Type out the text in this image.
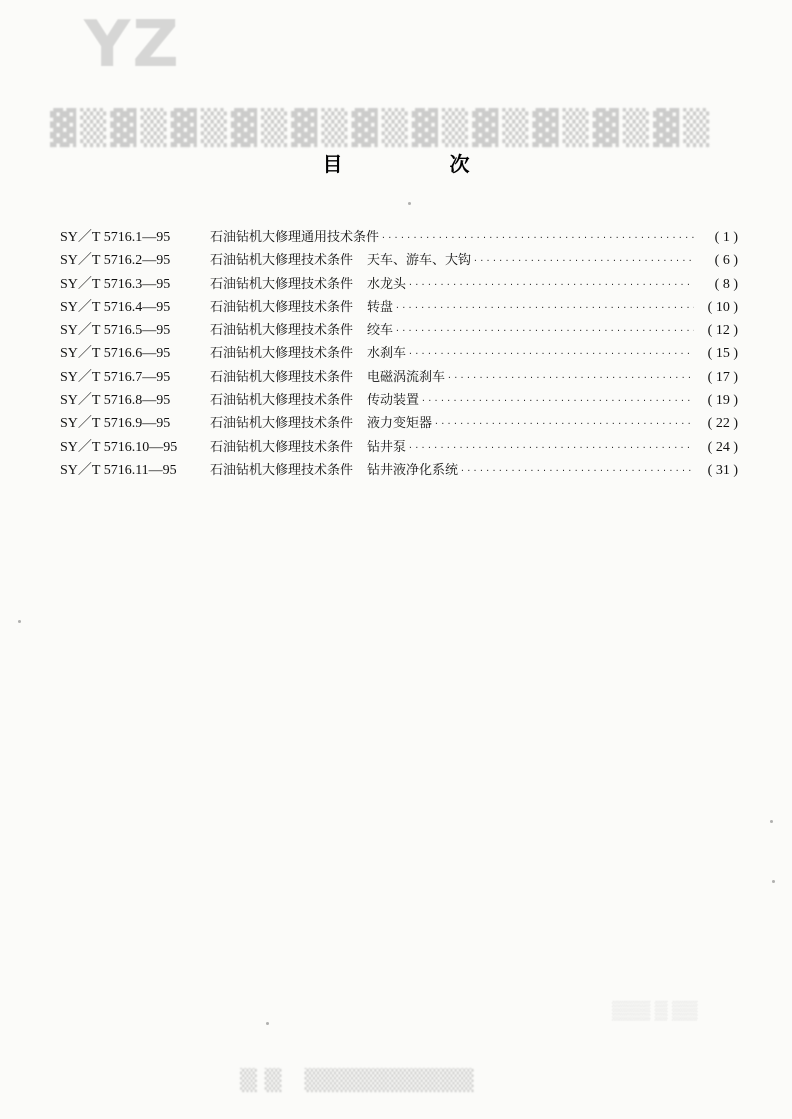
YZ
▓▒▓▒▓▒▓▒▓▒▓▒▓▒▓▒▓▒▓▒▓▒
目 次
SY／T 5716.1—95	石油钻机大修理通用技术条件 .....	( 1 )
SY／T 5716.2—95	石油钻机大修理技术条件 天车、游车、大钩 .....	( 6 )
SY／T 5716.3—95	石油钻机大修理技术条件 水龙头 .....	( 8 )
SY／T 5716.4—95	石油钻机大修理技术条件 转盘 .....	( 10 )
SY／T 5716.5—95	石油钻机大修理技术条件 绞车 .....	( 12 )
SY／T 5716.6—95	石油钻机大修理技术条件 水刹车 .....	( 15 )
SY／T 5716.7—95	石油钻机大修理技术条件 电磁涡流刹车 .....	( 17 )
SY／T 5716.8—95	石油钻机大修理技术条件 传动装置 .....	( 19 )
SY／T 5716.9—95	石油钻机大修理技术条件 液力变矩器 .....	( 22 )
SY／T 5716.10—95	石油钻机大修理技术条件 钻井泵 .....	( 24 )
SY／T 5716.11—95	石油钻机大修理技术条件 钻井液净化系统 .....	( 31 )
▒▒▒ ▒ ▒▒
▒ ▒   ▒▒▒▒▒▒▒▒▒▒
